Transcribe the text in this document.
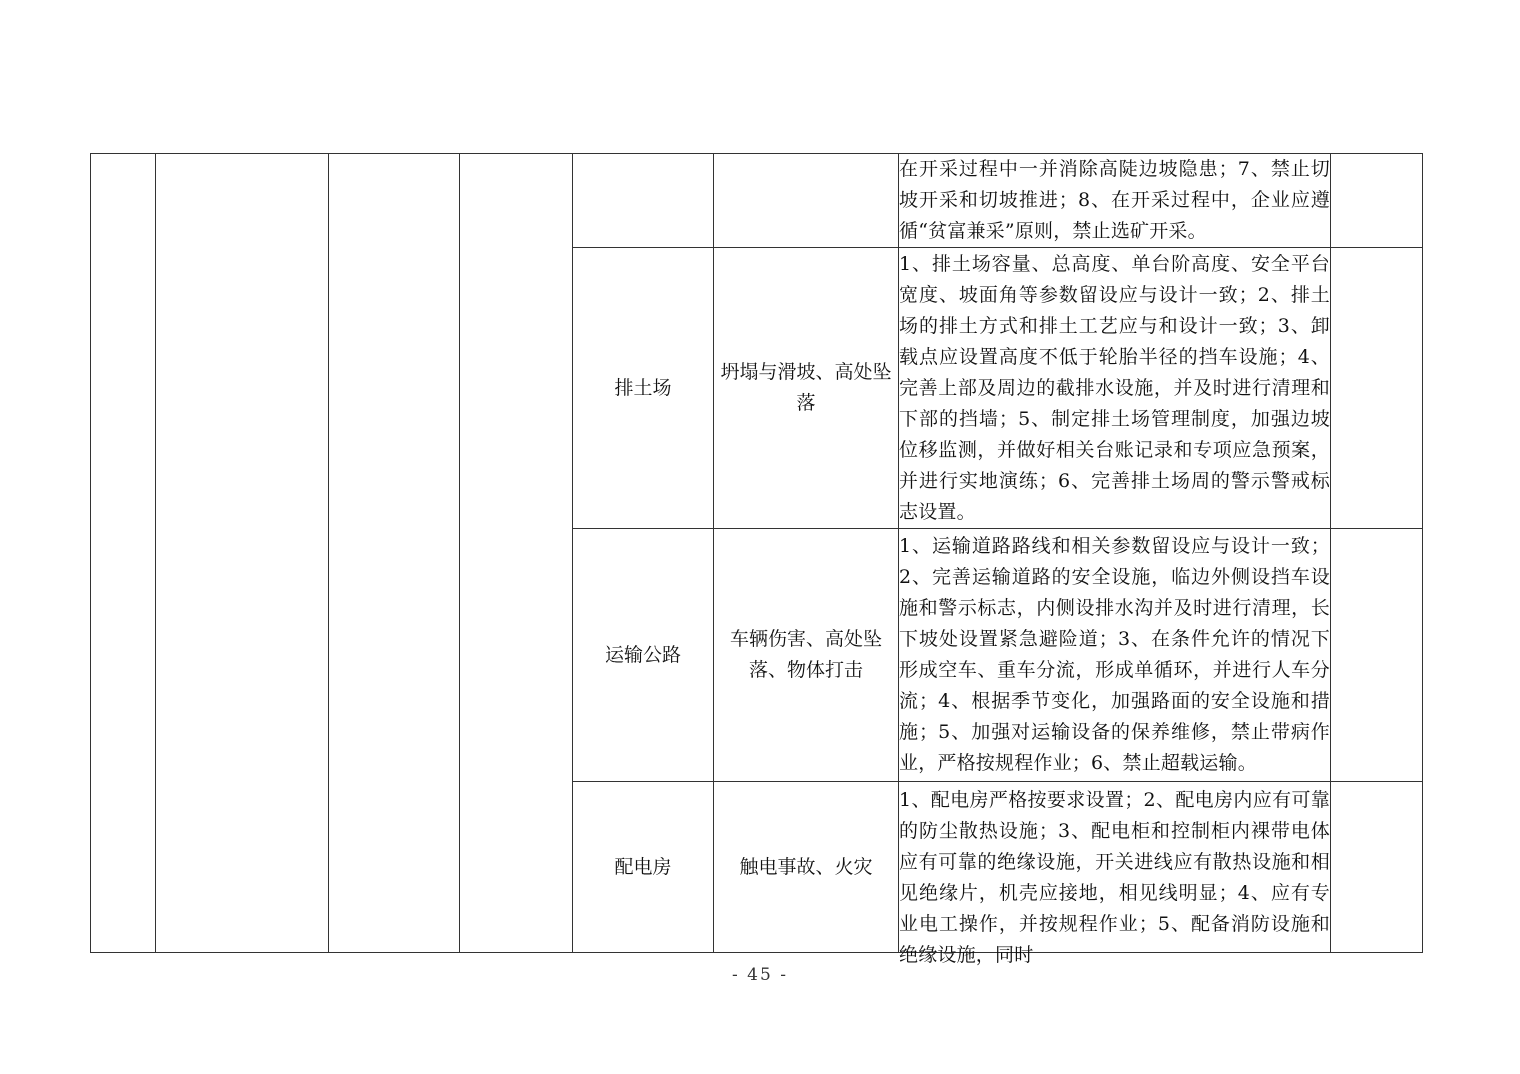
						在开采过程中一并消除高陡边坡隐患；7、禁止切坡开采和切坡推进；8、在开采过程中，企业应遵循“贫富兼采”原则，禁止选矿开采。	
				排土场	坍塌与滑坡、高处坠落	1、排土场容量、总高度、单台阶高度、安全平台宽度、坡面角等参数留设应与设计一致；2、排土场的排土方式和排土工艺应与和设计一致；3、卸载点应设置高度不低于轮胎半径的挡车设施；4、完善上部及周边的截排水设施，并及时进行清理和下部的挡墙；5、制定排土场管理制度，加强边坡位移监测，并做好相关台账记录和专项应急预案，并进行实地演练；6、完善排土场周的警示警戒标志设置。	
				运输公路	车辆伤害、高处坠落、物体打击	1、运输道路路线和相关参数留设应与设计一致；2、完善运输道路的安全设施，临边外侧设挡车设施和警示标志，内侧设排水沟并及时进行清理，长下坡处设置紧急避险道；3、在条件允许的情况下形成空车、重车分流，形成单循环，并进行人车分流；4、根据季节变化，加强路面的安全设施和措施；5、加强对运输设备的保养维修，禁止带病作业，严格按规程作业；6、禁止超载运输。	
				配电房	触电事故、火灾	1、配电房严格按要求设置；2、配电房内应有可靠的防尘散热设施；3、配电柜和控制柜内裸带电体应有可靠的绝缘设施，开关进线应有散热设施和相见绝缘片，机壳应接地，相见线明显；4、应有专业电工操作，并按规程作业；5、配备消防设施和绝缘设施，同时	

- 45 -
